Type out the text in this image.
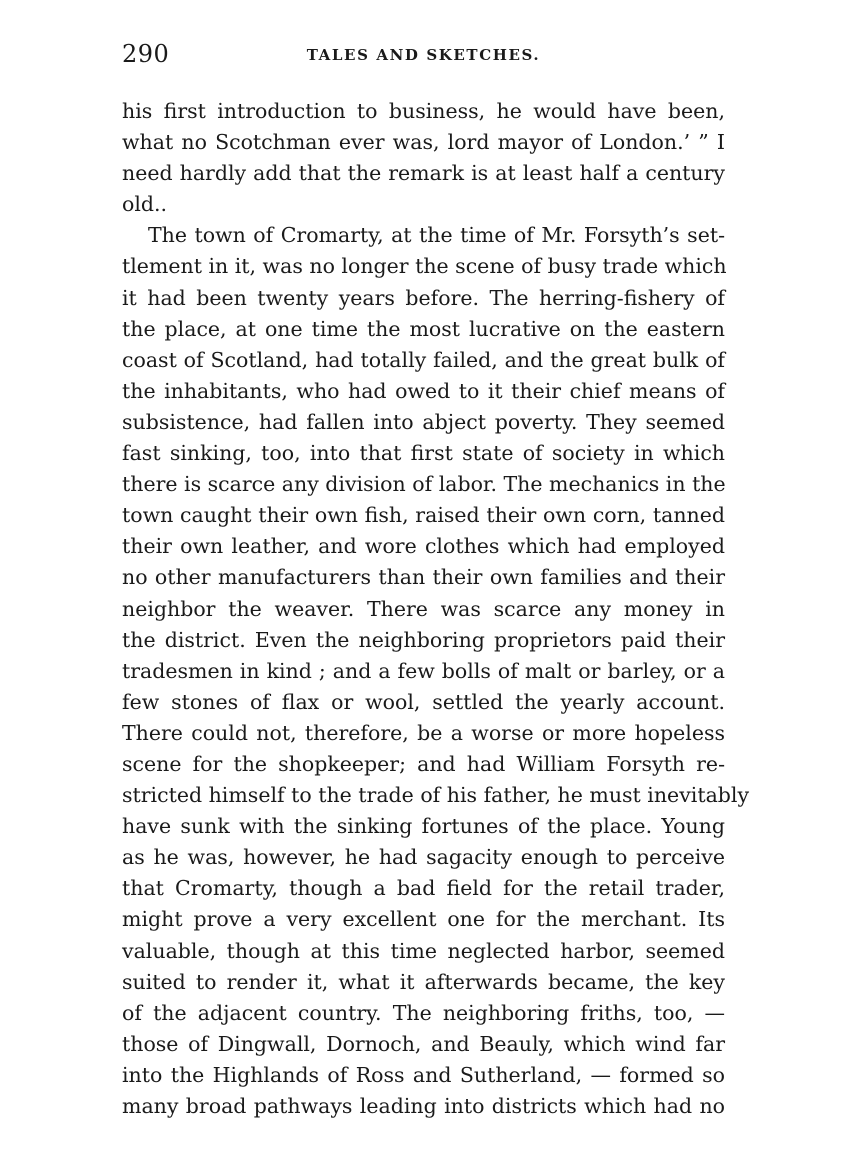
290	TALES AND SKETCHES.
his first introduction to business, he would have been,
what no Scotchman ever was, lord mayor of London.’ ” I
need hardly add that the remark is at least half a century
old..
The town of Cromarty, at the time of Mr. Forsyth’s set-
tlement in it, was no longer the scene of busy trade which
it had been twenty years before. The herring-fishery of
the place, at one time the most lucrative on the eastern
coast of Scotland, had totally failed, and the great bulk of
the inhabitants, who had owed to it their chief means of
subsistence, had fallen into abject poverty. They seemed
fast sinking, too, into that first state of society in which
there is scarce any division of labor. The mechanics in the
town caught their own fish, raised their own corn, tanned
their own leather, and wore clothes which had employed
no other manufacturers than their own families and their
neighbor the weaver. There was scarce any money in
the district. Even the neighboring proprietors paid their
tradesmen in kind ; and a few bolls of malt or barley, or a
few stones of flax or wool, settled the yearly account.
There could not, therefore, be a worse or more hopeless
scene for the shopkeeper; and had William Forsyth re-
stricted himself to the trade of his father, he must inevitably
have sunk with the sinking fortunes of the place. Young
as he was, however, he had sagacity enough to perceive
that Cromarty, though a bad field for the retail trader,
might prove a very excellent one for the merchant. Its
valuable, though at this time neglected harbor, seemed
suited to render it, what it afterwards became, the key
of the adjacent country. The neighboring friths, too, —
those of Dingwall, Dornoch, and Beauly, which wind far
into the Highlands of Ross and Sutherland, — formed so
many broad pathways leading into districts which had no
